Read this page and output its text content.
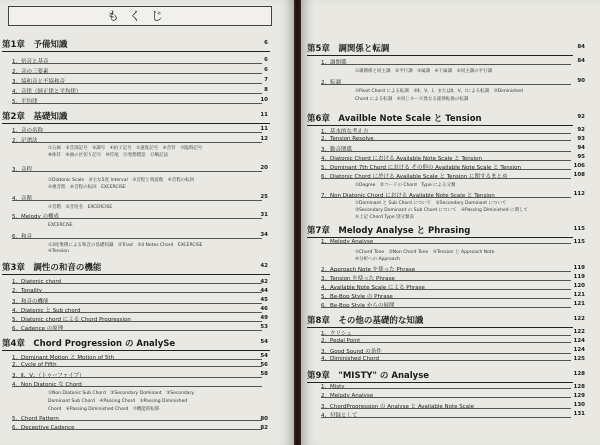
もくじ
第1章　予備知識	6
1. 倍音と基音	6
2. 音の三要素	6
3. 協和音と不協和音	7
4. 音律（純正律と平均律）	8
5. 平均律	10
第2章　基礎知識	11
1. 音の名称	11
2. 記譜法	12
①五線　②音部記号　③調号　④拍子記号　⑤速度記号　⑥音符　⑦臨時記号
⑧休符　⑨曲の区切り記号　⑩符尾　⑪発想標語　⑫略記法
3. 音程	20
①Diatonic Scale　②主な5度 Interval　③音程と周波数　④音程の転回
⑤複音程　⑥音程の転回　EXCERCISE
4. 音階	25
①音階　②音度名　EXCERCISE
5. Melody の構成	31
EXCERCISE
6. 和音	34
①3度堆積による和音の基礎知識　②Triad　③4 Notes Chord　EXCERCISE
④Tension
第3章　調性の和音の機能	42
1. Diatonic chord	42
2. Tonality	44
3. 和音の機能	45
4. Diatonic と Sub chord	46
5. Diatonic chord による Chord Progression	49
6. Cadence の原理	53
第4章　Chord Progression の AnalySe	54
1. Dominant Motion と Motion of 5th	54
2. Cycle of Fifth	56
3. Ⅱ、Ⅴ、（トゥーファイブ）	58
4. Non Diatonic な Chord
①Non Diatonic Sub Chord　②Secondary Dominant　③Secondary
Dominant Sub Chord　④Passing Chord　⑤Passing Diminished
Chord　⑥Passing Diminished Chord　⑦機能的転移
5. Chord Pattern	80
6. Deceptive Cadence	82
第5章　調関係と転調	84
1. 調関係	84
①調関係と同主調　②平行調　③属調　④下属調　⑤同主調の平行調
2. 転調	90
①Pivot Chord による転調　②Ⅱ、Ⅴ、Ⅰ、またはⅡ、Ⅴ、Ⅰによる転調　③Diminished
Chord による転調　④同じキーで異なる旋律転換の転調
第6章　Availble Note Scale と Tension	92
1. 基本的な考え方	92
2. Tension Resolve	93
3. 動音関係	94
4. Diatonic Chord における Available Note Scale と Tension	95
5. Dominant 7th Chord における その他の Available Note Scale と Tension	106
6. Diatonic Chord に於ける Available Scale と Tension に関するまとめ	108
①Degree　②コードの Chord　Type による分類
7. Non Diatonic Chord における Available Note Scale と Tension	112
①Dominant と Sub Chord について　②Secondary Dominant について
③Secondary Dominant の Sub Chord について　④Passing Diminished に関して
⑤上記 Chord Type 別分類表
第7章　Melody Analyse と Phrasing	115
1. Melody Analyse	115
①Chord Tone　②Non Chord Tone　③Tension と Approach Note
④分析への Approach
2. Approach Note を使った Phrase	119
3. Tension を使った Phrase	119
4. Available Note Scale による Phrase	120
5. Be-Bop Style の Phrase	121
6. Be-Bop Style からの展開	121
第8章　その他の基礎的な知識	122
1. クリシェ	122
2. Pedal Point	124
3. Good Sound の条件	124
4. Diminished Chord	125
第9章　"MISTY" の Analyse	128
1. Misty	128
2. Melody Analyse	129
3. ChordProgression の Analyse と Available Note Scale	130
4. 付録として	131
